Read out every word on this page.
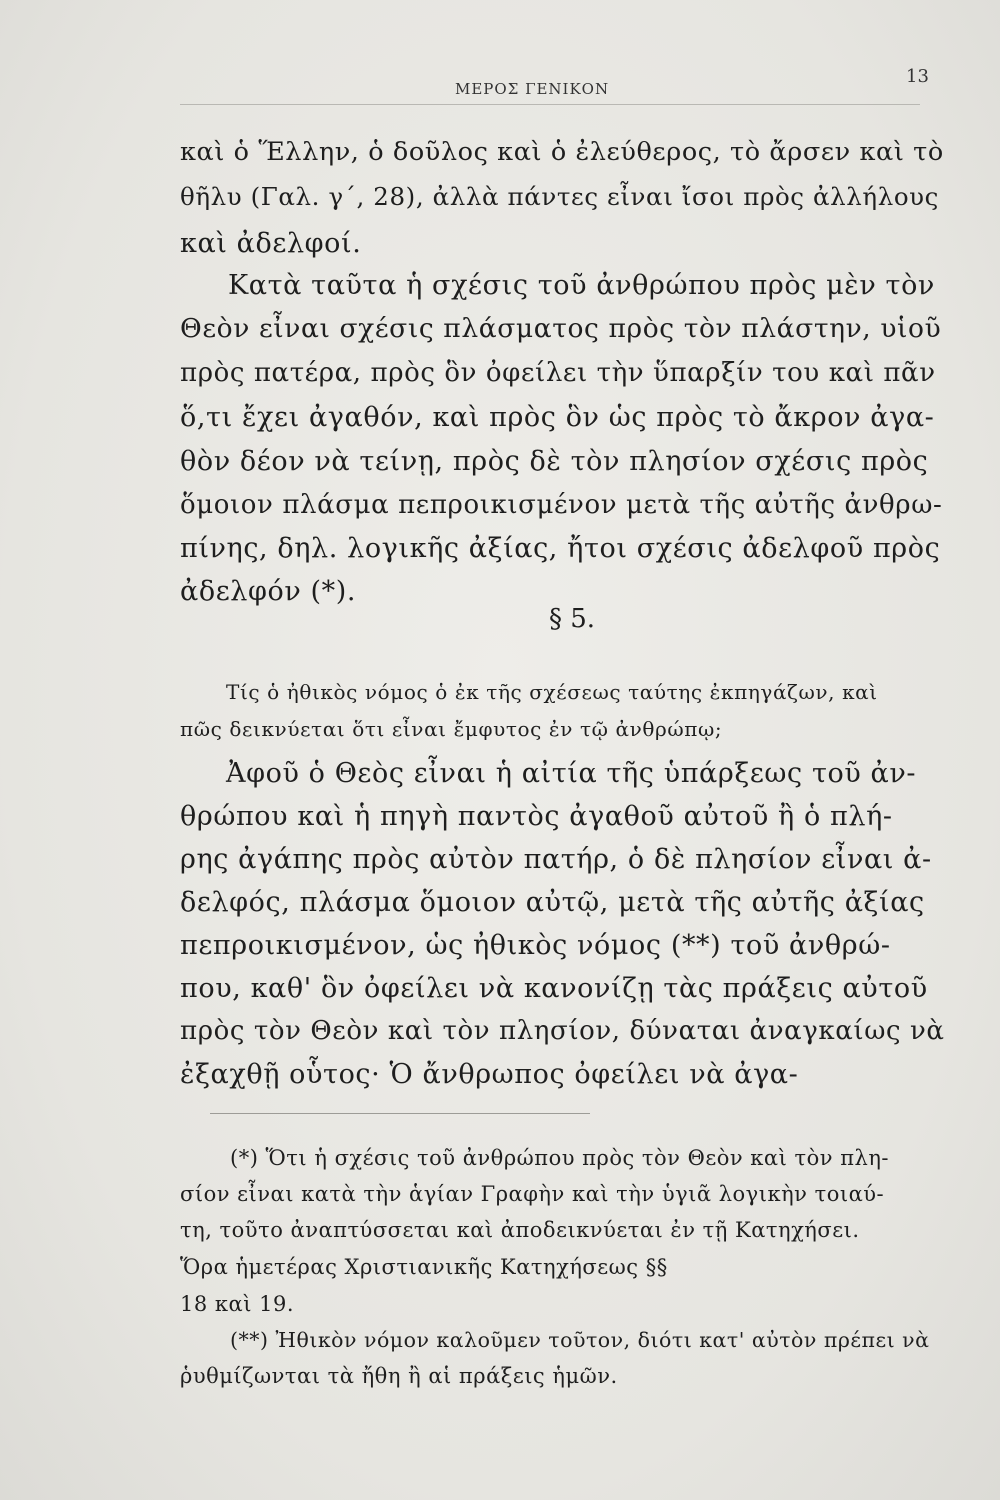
ΜΕΡΟΣ ΓΕΝΙΚΟΝ
13
καὶ ὁ Ἕλλην, ὁ δοῦλος καὶ ὁ ἐλεύθερος, τὸ ἄρσεν καὶ τὸ
θῆλυ (Γαλ. γ΄, 28), ἀλλὰ πάντες εἶναι ἴσοι πρὸς ἀλλήλους
καὶ ἀδελφοί.
Κατὰ ταῦτα ἡ σχέσις τοῦ ἀνθρώπου πρὸς μὲν τὸν
Θεὸν εἶναι σχέσις πλάσματος πρὸς τὸν πλάστην, υἱοῦ
πρὸς πατέρα, πρὸς ὃν ὀφείλει τὴν ὕπαρξίν του καὶ πᾶν
ὅ,τι ἔχει ἀγαθόν, καὶ πρὸς ὃν ὡς πρὸς τὸ ἄκρον ἀγα-
θὸν δέον νὰ τείνῃ, πρὸς δὲ τὸν πλησίον σχέσις πρὸς
ὅμοιον πλάσμα πεπροικισμένον μετὰ τῆς αὐτῆς ἀνθρω-
πίνης, δηλ. λογικῆς ἀξίας, ἤτοι σχέσις ἀδελφοῦ πρὸς
ἀδελφόν (*).
§ 5.
Τίς ὁ ἠθικὸς νόμος ὁ ἐκ τῆς σχέσεως ταύτης ἐκπηγάζων, καὶ
πῶς δεικνύεται ὅτι εἶναι ἔμφυτος ἐν τῷ ἀνθρώπῳ;
Ἀφοῦ ὁ Θεὸς εἶναι ἡ αἰτία τῆς ὑπάρξεως τοῦ ἀν-
θρώπου καὶ ἡ πηγὴ παντὸς ἀγαθοῦ αὐτοῦ ἢ ὁ πλή-
ρης ἀγάπης πρὸς αὐτὸν πατήρ, ὁ δὲ πλησίον εἶναι ἀ-
δελφός, πλάσμα ὅμοιον αὐτῷ, μετὰ τῆς αὐτῆς ἀξίας
πεπροικισμένον, ὡς ἠθικὸς νόμος (**) τοῦ ἀνθρώ-
που, καθ' ὃν ὀφείλει νὰ κανονίζῃ τὰς πράξεις αὐτοῦ
πρὸς τὸν Θεὸν καὶ τὸν πλησίον, δύναται ἀναγκαίως νὰ
ἐξαχθῇ οὗτος· Ὁ ἄνθρωπος ὀφείλει νὰ ἀγα-
(*) Ὅτι ἡ σχέσις τοῦ ἀνθρώπου πρὸς τὸν Θεὸν καὶ τὸν πλη-
σίον εἶναι κατὰ τὴν ἁγίαν Γραφὴν καὶ τὴν ὑγιᾶ λογικὴν τοιαύ-
τη, τοῦτο ἀναπτύσσεται καὶ ἀποδεικνύεται ἐν τῇ Κατηχήσει.
Ὅρα ἡμετέρας Χριστιανικῆς Κατηχήσεως §§
18 καὶ 19.
(**) Ἠθικὸν νόμον καλοῦμεν τοῦτον, διότι κατ' αὐτὸν πρέπει νὰ
ῥυθμίζωνται τὰ ἤθη ἢ αἱ πράξεις ἡμῶν.
